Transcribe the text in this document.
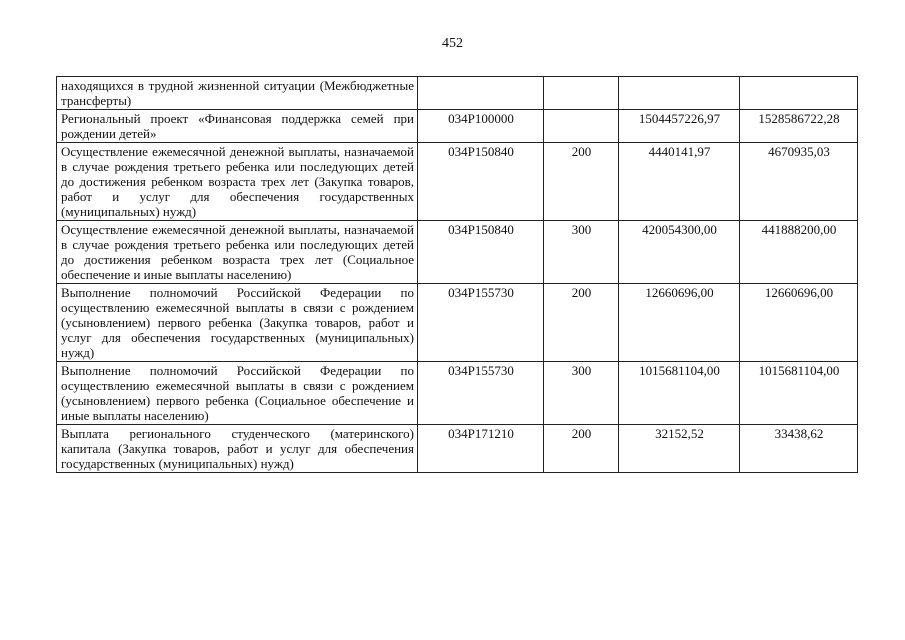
452
находящихся в трудной жизненной ситуации (Межбюджетные трансферты)				
Региональный проект «Финансовая поддержка семей при рождении детей»	034P100000		1504457226,97	1528586722,28
Осуществление ежемесячной денежной выплаты, назначаемой в случае рождения третьего ребенка или последующих детей до достижения ребенком возраста трех лет (Закупка товаров, работ и услуг для обеспечения государственных (муниципальных) нужд)	034P150840	200	4440141,97	4670935,03
Осуществление ежемесячной денежной выплаты, назначаемой в случае рождения третьего ребенка или последующих детей до достижения ребенком возраста трех лет (Социальное обеспечение и иные выплаты населению)	034P150840	300	420054300,00	441888200,00
Выполнение полномочий Российской Федерации по осуществлению ежемесячной выплаты в связи с рождением (усыновлением) первого ребенка (Закупка товаров, работ и услуг для обеспечения государственных (муниципальных) нужд)	034P155730	200	12660696,00	12660696,00
Выполнение полномочий Российской Федерации по осуществлению ежемесячной выплаты в связи с рождением (усыновлением) первого ребенка (Социальное обеспечение и иные выплаты населению)	034P155730	300	1015681104,00	1015681104,00
Выплата регионального студенческого (материнского) капитала (Закупка товаров, работ и услуг для обеспечения государственных (муниципальных) нужд)	034P171210	200	32152,52	33438,62
